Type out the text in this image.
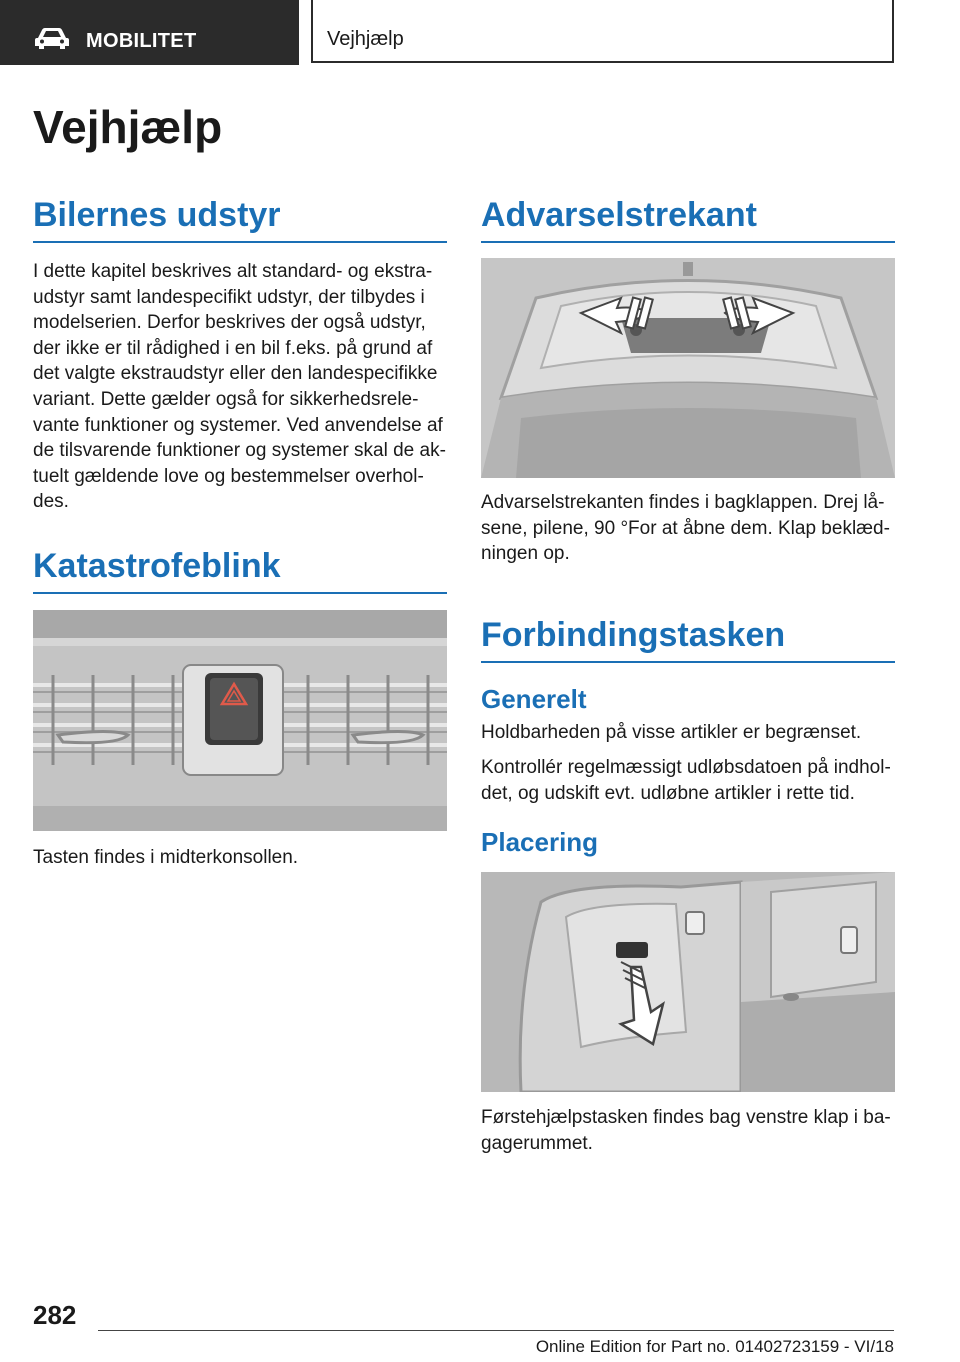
MOBILITET	Vejhjælp
Vejhjælp
Bilernes udstyr
I dette kapitel beskrives alt standard- og ekstra-
udstyr samt landespecifikt udstyr, der tilbydes i
modelserien. Derfor beskrives der også udstyr,
der ikke er til rådighed i en bil f.eks. på grund af
det valgte ekstraudstyr eller den landespecifikke
variant. Dette gælder også for sikkerhedsrele-
vante funktioner og systemer. Ved anvendelse af
de tilsvarende funktioner og systemer skal de ak-
tuelt gældende love og bestemmelser overhol-
des.
Katastrofeblink
Tasten findes i midterkonsollen.
Advarselstrekant
Advarselstrekanten findes i bagklappen. Drej lå-
sene, pilene, 90 °For at åbne dem. Klap beklæd-
ningen op.
Forbindingstasken
Generelt
Holdbarheden på visse artikler er begrænset.
Kontrollér regelmæssigt udløbsdatoen på indhol-
det, og udskift evt. udløbne artikler i rette tid.
Placering
Førstehjælpstasken findes bag venstre klap i ba-
gagerummet.
282
Online Edition for Part no. 01402723159 - VI/18
